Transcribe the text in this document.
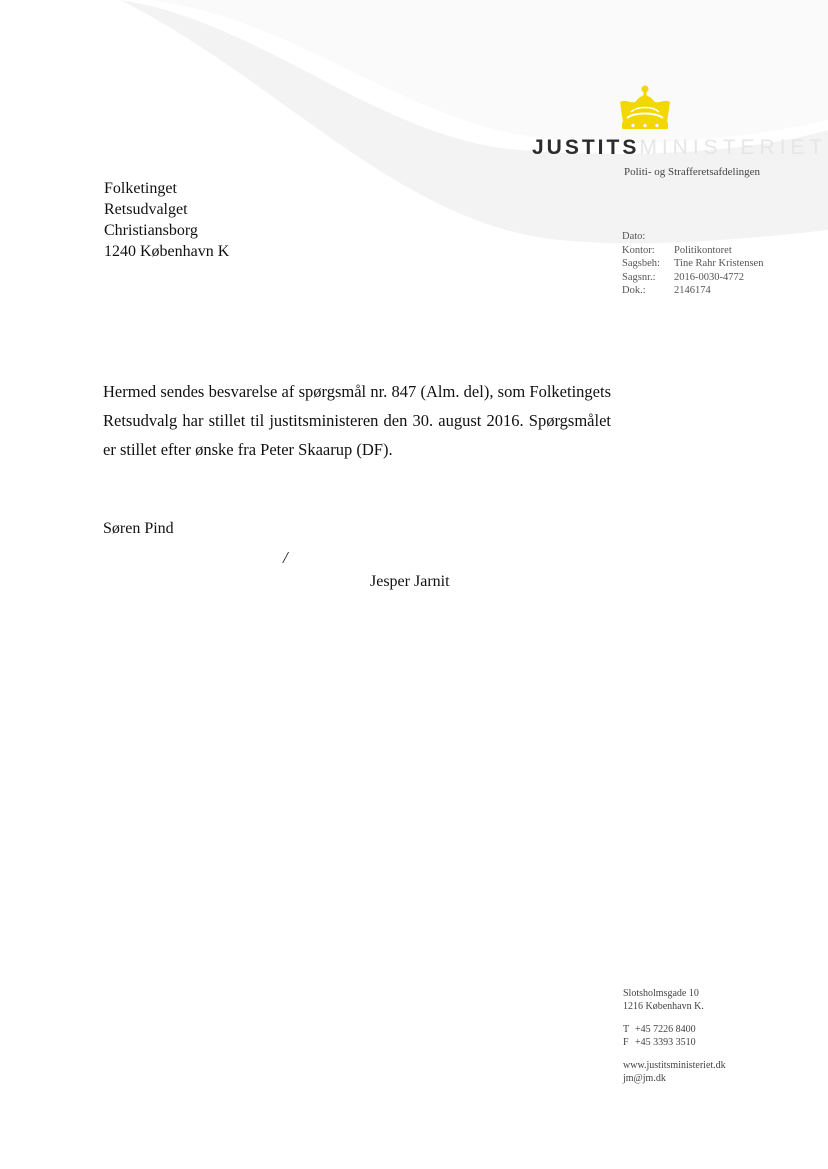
JUSTITSMINISTERIET
Politi- og Strafferetsafdelingen
Folketinget
Retsudvalget
Christiansborg
1240 København K
Dato:
Kontor:	Politikontoret
Sagsbeh:	Tine Rahr Kristensen
Sagsnr.:	2016-0030-4772
Dok.:	2146174

Hermed sendes besvarelse af spørgsmål nr. 847 (Alm. del), som Folketingets Retsudvalg har stillet til justitsministeren den 30. august 2016. Spørgsmålet er stillet efter ønske fra Peter Skaarup (DF).

Søren Pind
/
Jesper Jarnit
Slotsholmsgade 10
1216 København K.
T +45 7226 8400
F +45 3393 3510
www.justitsministeriet.dk
jm@jm.dk
